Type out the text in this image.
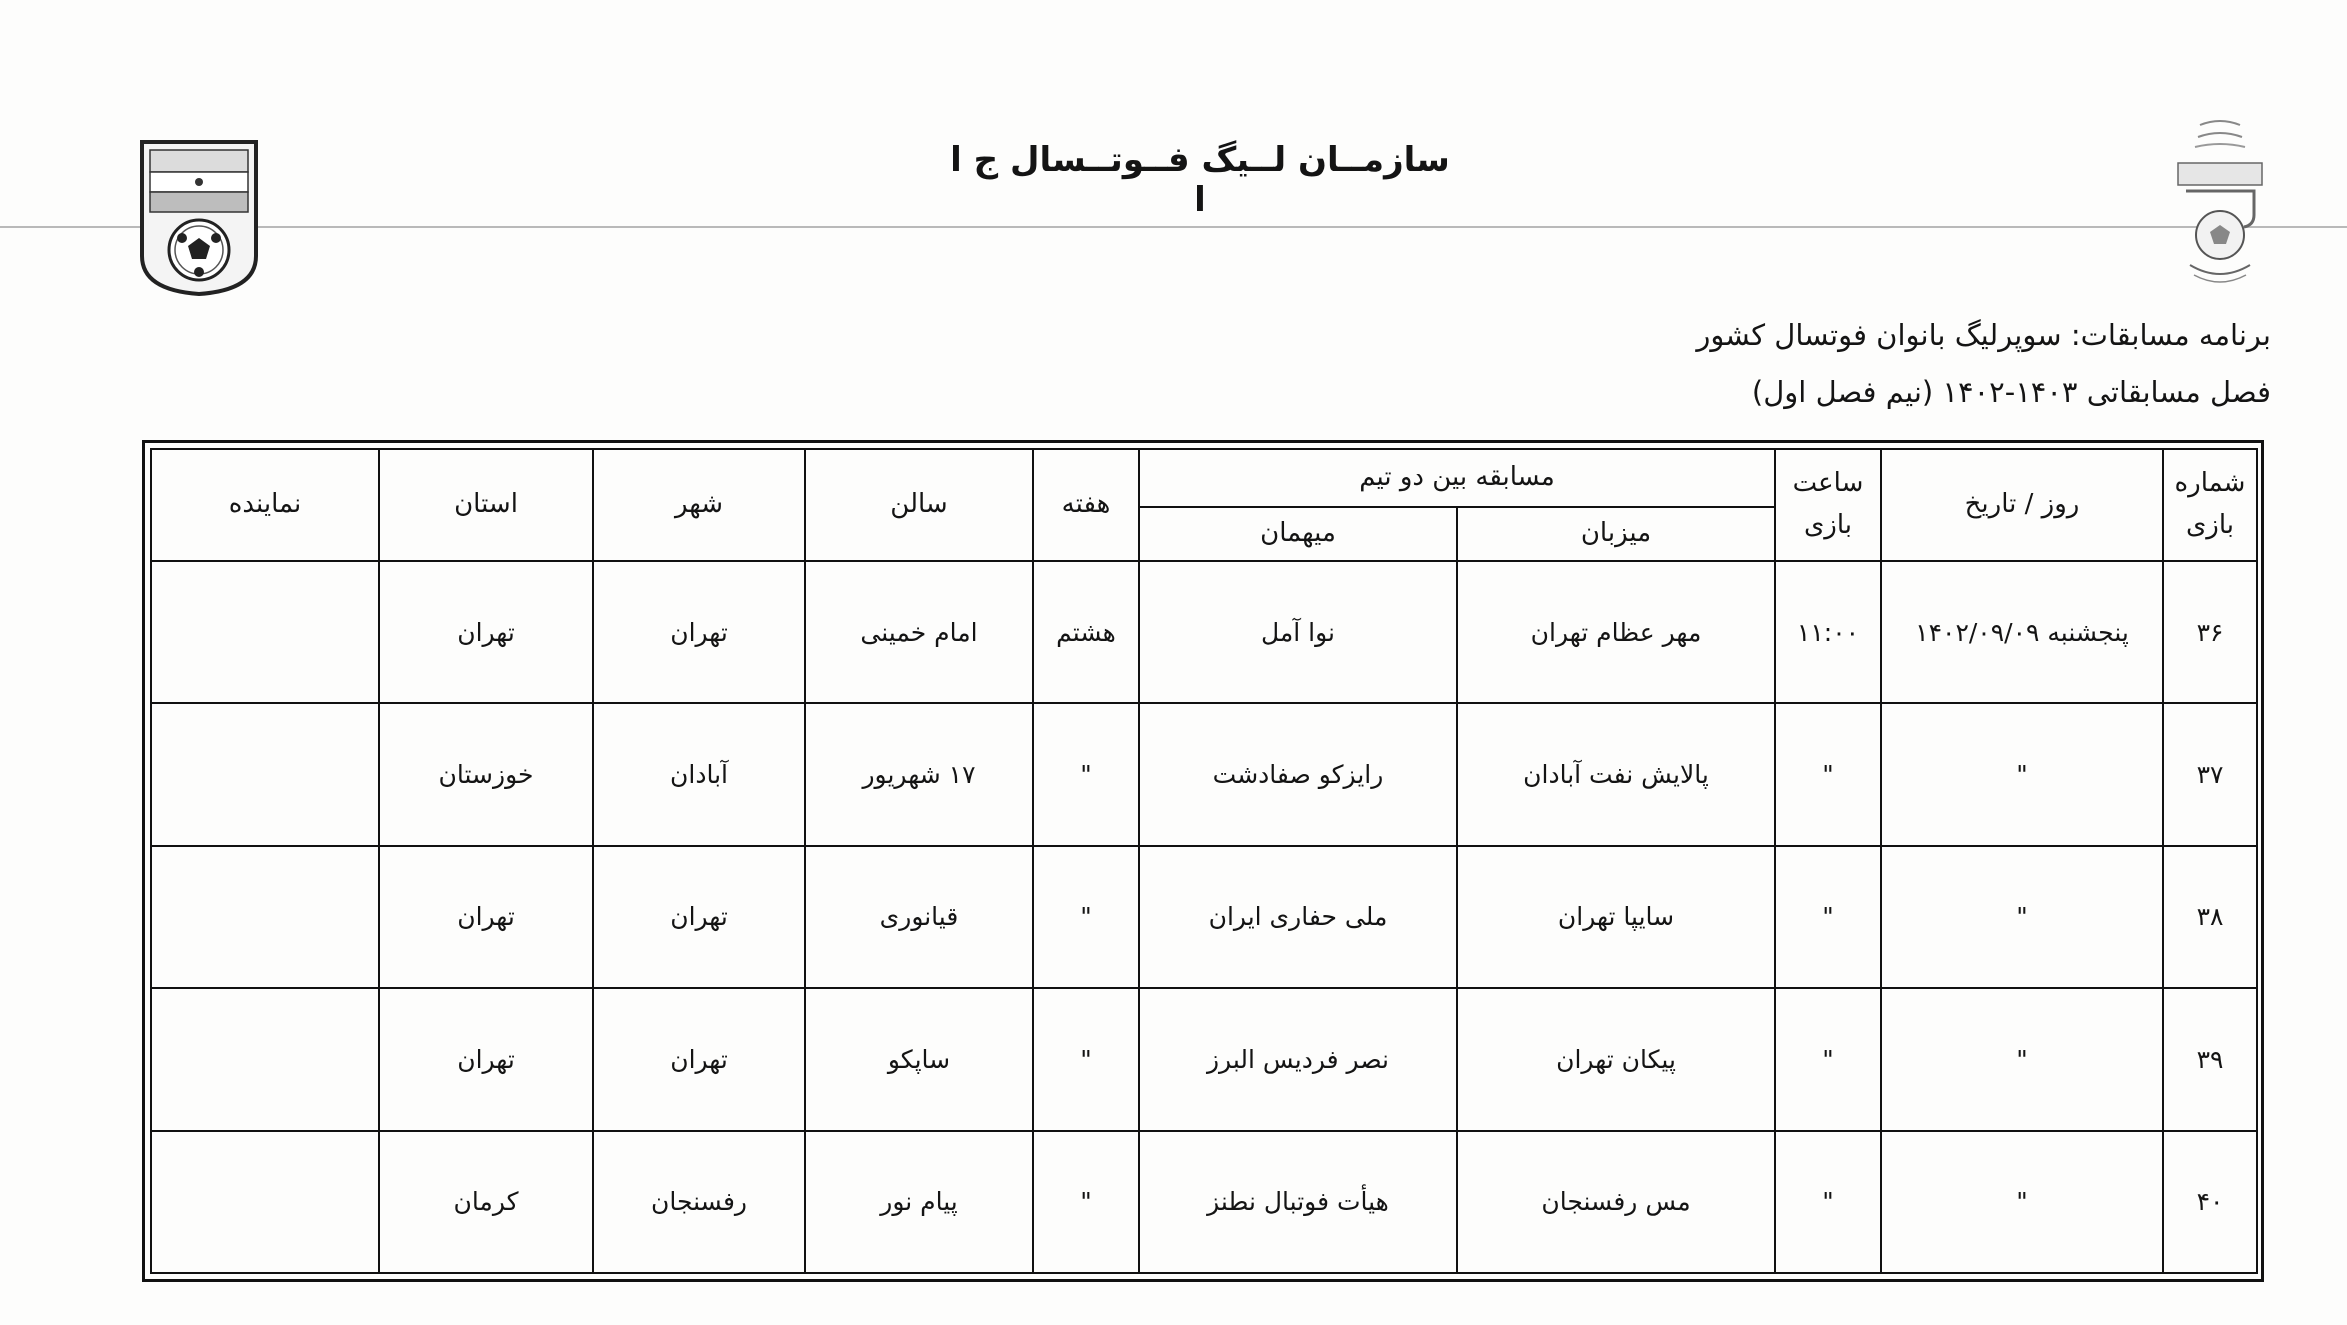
سازمــان لــیگ فــوتــسال ج ا ا
برنامه مسابقات: سوپرلیگ بانوان فوتسال کشور
فصل مسابقاتی ۱۴۰۳-۱۴۰۲ (نیم فصل اول)
شماره بازی	روز / تاریخ	ساعت بازی	مسابقه بین دو تیم		هفته	سالن	شهر	استان	نماینده
			میزبان	میهمان					
۳۶	پنجشنبه ۱۴۰۲/۰۹/۰۹	۱۱:۰۰	مهر عظام تهران	نوا آمل	هشتم	امام خمینی	تهران	تهران	
۳۷	"	"	پالایش نفت آبادان	رایزکو صفادشت	"	۱۷ شهریور	آبادان	خوزستان	
۳۸	"	"	سایپا تهران	ملی حفاری ایران	"	قیانوری	تهران	تهران	
۳۹	"	"	پیکان تهران	نصر فردیس البرز	"	ساپکو	تهران	تهران	
۴۰	"	"	مس رفسنجان	هیأت فوتبال نطنز	"	پیام نور	رفسنجان	کرمان	
